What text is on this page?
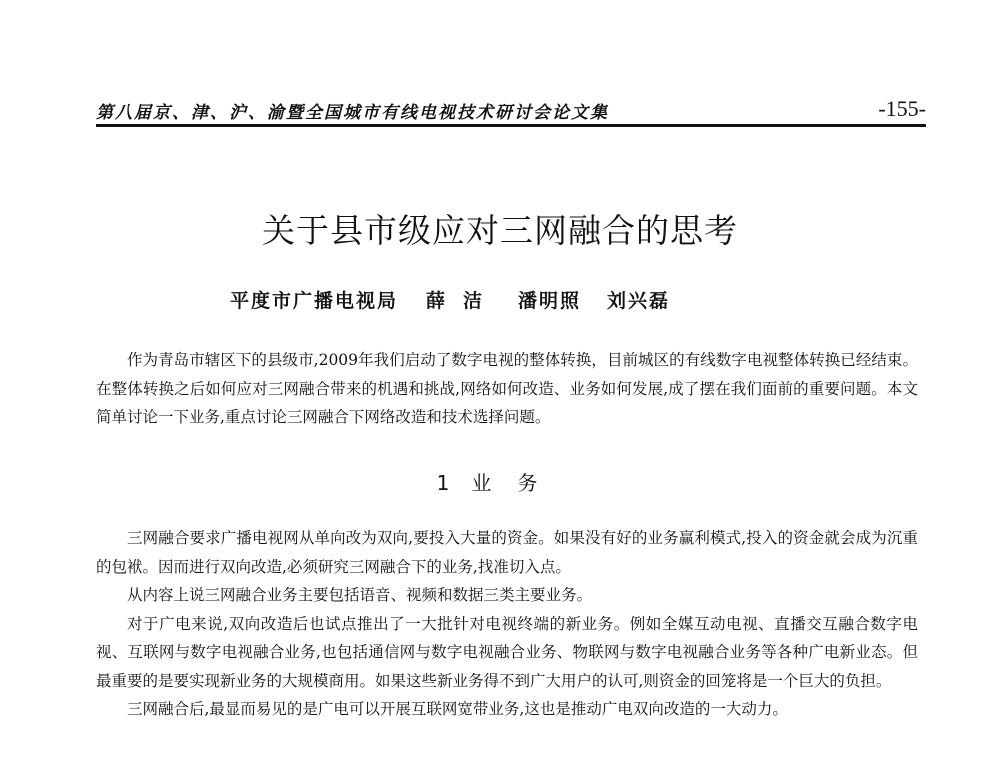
第八届京、津、沪、渝暨全国城市有线电视技术研讨会论文集	-155-
关于县市级应对三网融合的思考
平度市广播电视局 薛洁 潘明照 刘兴磊

作为青岛市辖区下的县级市,2009年我们启动了数字电视的整体转换，目前城区的有线数字电视整体转换已经结束。在整体转换之后如何应对三网融合带来的机遇和挑战,网络如何改造、业务如何发展,成了摆在我们面前的重要问题。本文简单讨论一下业务,重点讨论三网融合下网络改造和技术选择问题。

1 业务

三网融合要求广播电视网从单向改为双向,要投入大量的资金。如果没有好的业务赢利模式,投入的资金就会成为沉重的包袱。因而进行双向改造,必须研究三网融合下的业务,找准切入点。

从内容上说三网融合业务主要包括语音、视频和数据三类主要业务。

对于广电来说,双向改造后也试点推出了一大批针对电视终端的新业务。例如全媒互动电视、直播交互融合数字电视、互联网与数字电视融合业务,也包括通信网与数字电视融合业务、物联网与数字电视融合业务等各种广电新业态。但最重要的是要实现新业务的大规模商用。如果这些新业务得不到广大用户的认可,则资金的回笼将是一个巨大的负担。

三网融合后,最显而易见的是广电可以开展互联网宽带业务,这也是推动广电双向改造的一大动力。
